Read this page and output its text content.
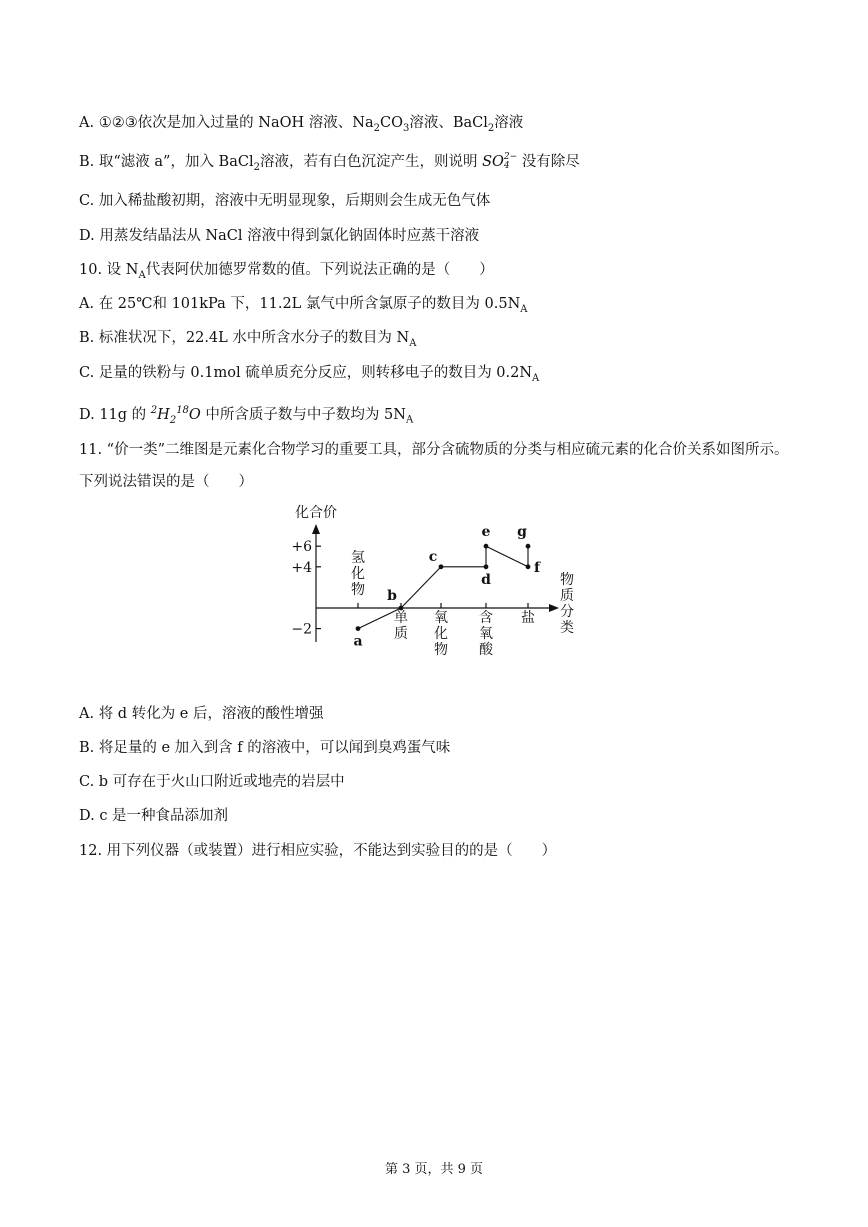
A. ①②③依次是加入过量的 NaOH 溶液、$Na_2CO_3$溶液、BaCl$_2$溶液
B. 取“滤液 a”，加入 BaCl$_2$溶液，若有白色沉淀产生，则说明 SO 2−
4 没有除尽
C. 加入稀盐酸初期，溶液中无明显现象，后期则会生成无色气体
D. 用蒸发结晶法从 NaCl 溶液中得到氯化钠固体时应蒸干溶液
10. 设 $N_A$代表阿伏加德罗常数的值。下列说法正确的是（　　）
A. 在 25℃和 101kPa 下，11.2L 氯气中所含氯原子的数目为 $0.5N_A$
B. 标准状况下，22.4L 水中所含水分子的数目为 $N_A$
C. 足量的铁粉与 0.1mol 硫单质充分反应，则转移电子的数目为 $0.2N_A$
D. 11g 的 $^2H_2^{18}O$ 中所含质子数与中子数均为 $5N_A$
11. “价一类”二维图是元素化合物学习的重要工具，部分含硫物质的分类与相应硫元素的化合价关系如图所示。下列说法错误的是（　　）
化合价
+6
+4
−2
氢
化
物
单
质
氧
化
物
含
氧
酸
盐
物
质
分
类
a
b
c
d
e
f
g
A. 将 d 转化为 e 后，溶液的酸性增强
B. 将足量的 e 加入到含 f 的溶液中，可以闻到臭鸡蛋气味
C. b 可存在于火山口附近或地壳的岩层中
D. c 是一种食品添加剂
12. 用下列仪器（或装置）进行相应实验，不能达到实验目的的是（　　）
第 3 页，共 9 页
